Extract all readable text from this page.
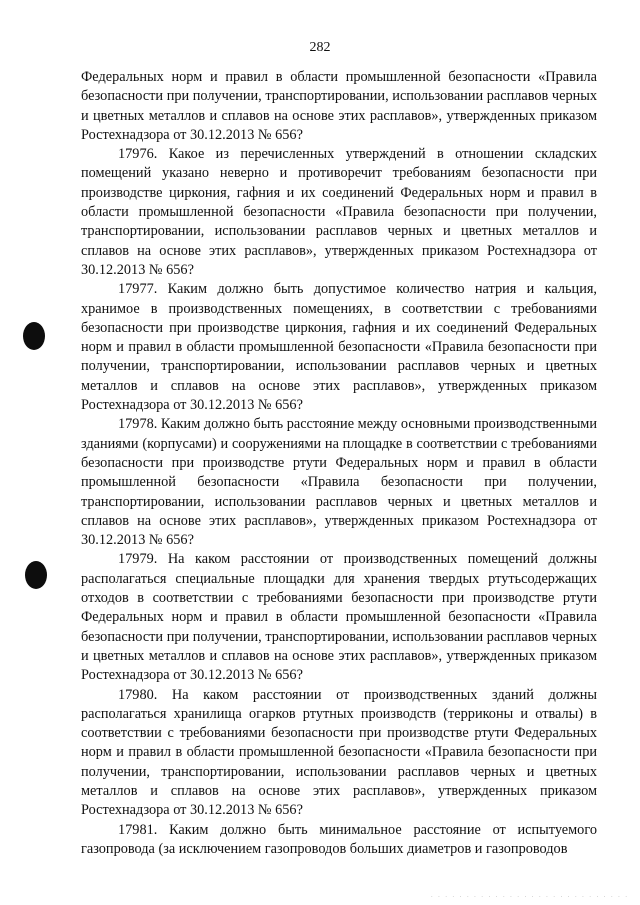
282

Федеральных норм и правил в области промышленной безопасности «Правила безопасности при получении, транспортировании, использовании расплавов черных и цветных металлов и сплавов на основе этих расплавов», утвержденных приказом Ростехнадзора от 30.12.2013 № 656?

17976. Какое из перечисленных утверждений в отношении складских помещений указано неверно и противоречит требованиям безопасности при производстве циркония, гафния и их соединений Федеральных норм и правил в области промышленной безопасности «Правила безопасности при получении, транспортировании, использовании расплавов черных и цветных металлов и сплавов на основе этих расплавов», утвержденных приказом Ростехнадзора от 30.12.2013 № 656?

17977. Каким должно быть допустимое количество натрия и кальция, хранимое в производственных помещениях, в соответствии с требованиями безопасности при производстве циркония, гафния и их соединений Федеральных норм и правил в области промышленной безопасности «Правила безопасности при получении, транспортировании, использовании расплавов черных и цветных металлов и сплавов на основе этих расплавов», утвержденных приказом Ростехнадзора от 30.12.2013 № 656?

17978. Каким должно быть расстояние между основными производственными зданиями (корпусами) и сооружениями на площадке в соответствии с требованиями безопасности при производстве ртути Федеральных норм и правил в области промышленной безопасности «Правила безопасности при получении, транспортировании, использовании расплавов черных и цветных металлов и сплавов на основе этих расплавов», утвержденных приказом Ростехнадзора от 30.12.2013 № 656?

17979. На каком расстоянии от производственных помещений должны располагаться специальные площадки для хранения твердых ртутьсодержащих отходов в соответствии с требованиями безопасности при производстве ртути Федеральных норм и правил в области промышленной безопасности «Правила безопасности при получении, транспортировании, использовании расплавов черных и цветных металлов и сплавов на основе этих расплавов», утвержденных приказом Ростехнадзора от 30.12.2013 № 656?

17980. На каком расстоянии от производственных зданий должны располагаться хранилища огарков ртутных производств (терриконы и отвалы) в соответствии с требованиями безопасности при производстве ртути Федеральных норм и правил в области промышленной безопасности «Правила безопасности при получении, транспортировании, использовании расплавов черных и цветных металлов и сплавов на основе этих расплавов», утвержденных приказом Ростехнадзора от 30.12.2013 № 656?

17981. Каким должно быть минимальное расстояние от испытуемого газопровода (за исключением газопроводов больших диаметров и газопроводов

. . . . . . . . . . . . . . . . . . . . . . . . . . . .
